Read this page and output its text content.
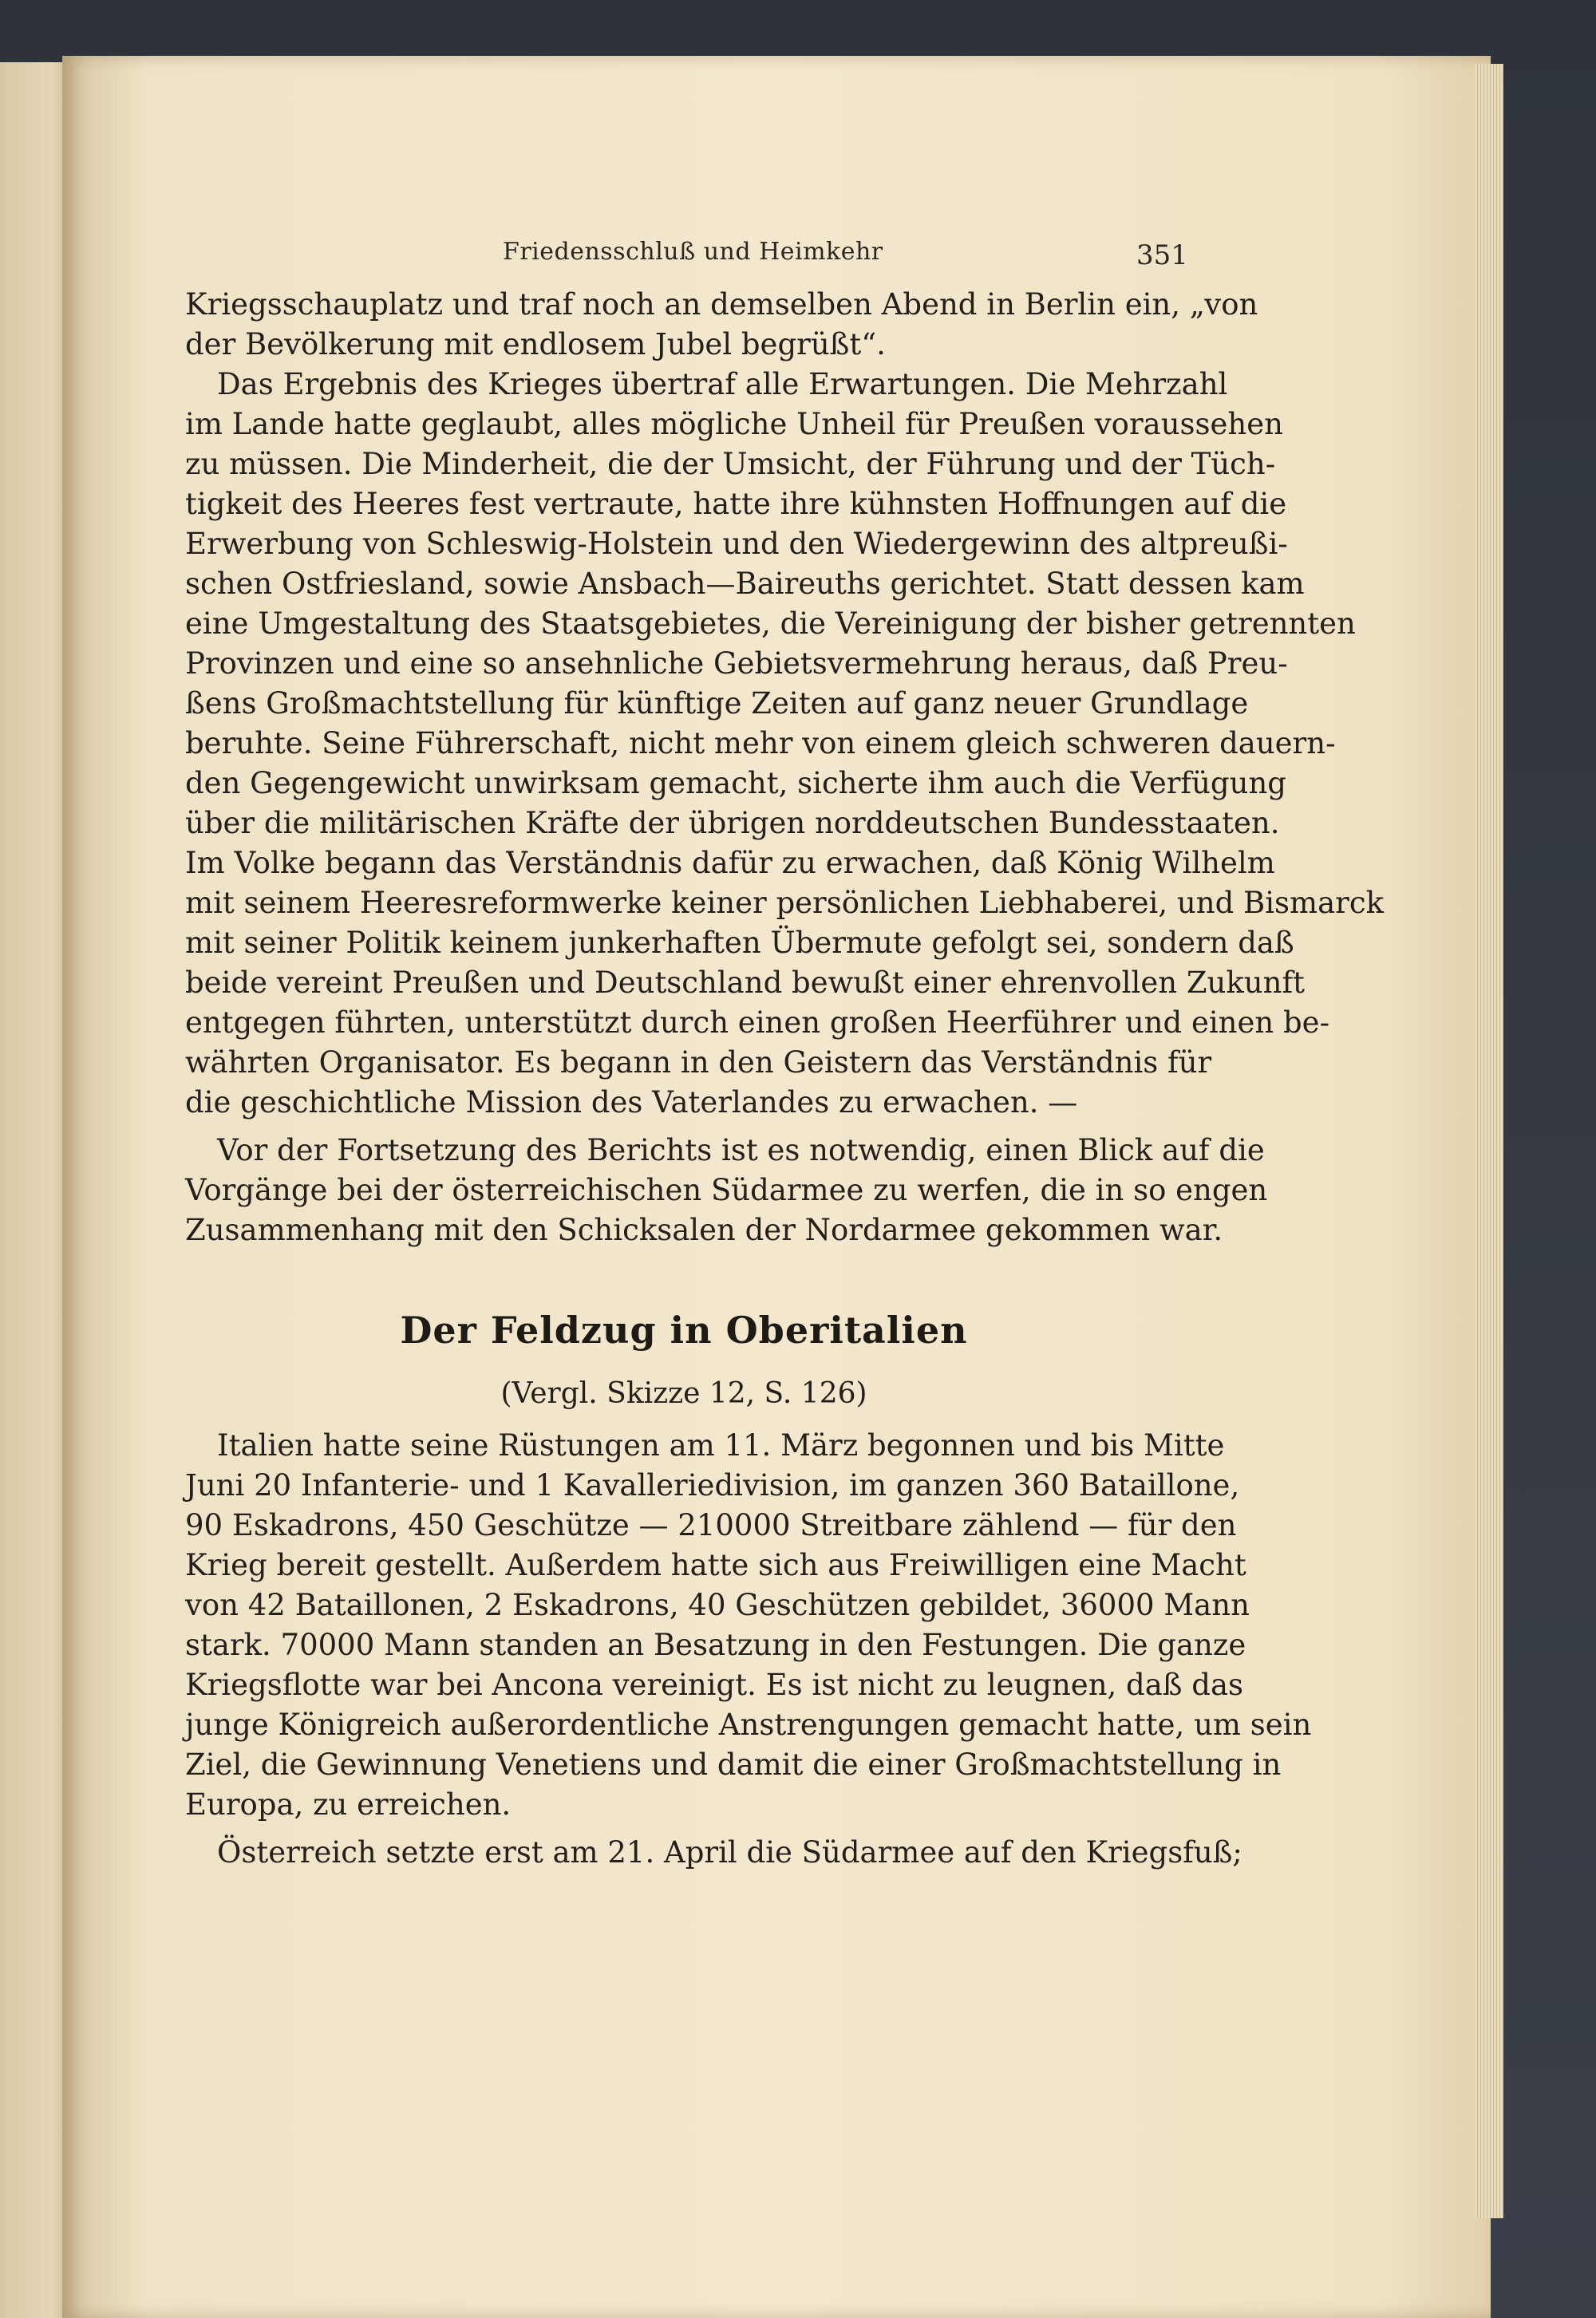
Friedensschluß und Heimkehr	351
Kriegsschauplatz und traf noch an demselben Abend in Berlin ein, „von
der Bevölkerung mit endlosem Jubel begrüßt“.
Das Ergebnis des Krieges übertraf alle Erwartungen. Die Mehrzahl
im Lande hatte geglaubt, alles mögliche Unheil für Preußen voraussehen
zu müssen. Die Minderheit, die der Umsicht, der Führung und der Tüch-
tigkeit des Heeres fest vertraute, hatte ihre kühnsten Hoffnungen auf die
Erwerbung von Schleswig-Holstein und den Wiedergewinn des altpreußi-
schen Ostfriesland, sowie Ansbach—Baireuths gerichtet. Statt dessen kam
eine Umgestaltung des Staatsgebietes, die Vereinigung der bisher getrennten
Provinzen und eine so ansehnliche Gebietsvermehrung heraus, daß Preu-
ßens Großmachtstellung für künftige Zeiten auf ganz neuer Grundlage
beruhte. Seine Führerschaft, nicht mehr von einem gleich schweren dauern-
den Gegengewicht unwirksam gemacht, sicherte ihm auch die Verfügung
über die militärischen Kräfte der übrigen norddeutschen Bundesstaaten.
Im Volke begann das Verständnis dafür zu erwachen, daß König Wilhelm
mit seinem Heeresreformwerke keiner persönlichen Liebhaberei, und Bismarck
mit seiner Politik keinem junkerhaften Übermute gefolgt sei, sondern daß
beide vereint Preußen und Deutschland bewußt einer ehrenvollen Zukunft
entgegen führten, unterstützt durch einen großen Heerführer und einen be-
währten Organisator. Es begann in den Geistern das Verständnis für
die geschichtliche Mission des Vaterlandes zu erwachen. —
Vor der Fortsetzung des Berichts ist es notwendig, einen Blick auf die
Vorgänge bei der österreichischen Südarmee zu werfen, die in so engen
Zusammenhang mit den Schicksalen der Nordarmee gekommen war.
Der Feldzug in Oberitalien
(Vergl. Skizze 12, S. 126)
Italien hatte seine Rüstungen am 11. März begonnen und bis Mitte
Juni 20 Infanterie- und 1 Kavalleriedivision, im ganzen 360 Bataillone,
90 Eskadrons, 450 Geschütze — 210000 Streitbare zählend — für den
Krieg bereit gestellt. Außerdem hatte sich aus Freiwilligen eine Macht
von 42 Bataillonen, 2 Eskadrons, 40 Geschützen gebildet, 36000 Mann
stark. 70000 Mann standen an Besatzung in den Festungen. Die ganze
Kriegsflotte war bei Ancona vereinigt. Es ist nicht zu leugnen, daß das
junge Königreich außerordentliche Anstrengungen gemacht hatte, um sein
Ziel, die Gewinnung Venetiens und damit die einer Großmachtstellung in
Europa, zu erreichen.
Österreich setzte erst am 21. April die Südarmee auf den Kriegsfuß;
